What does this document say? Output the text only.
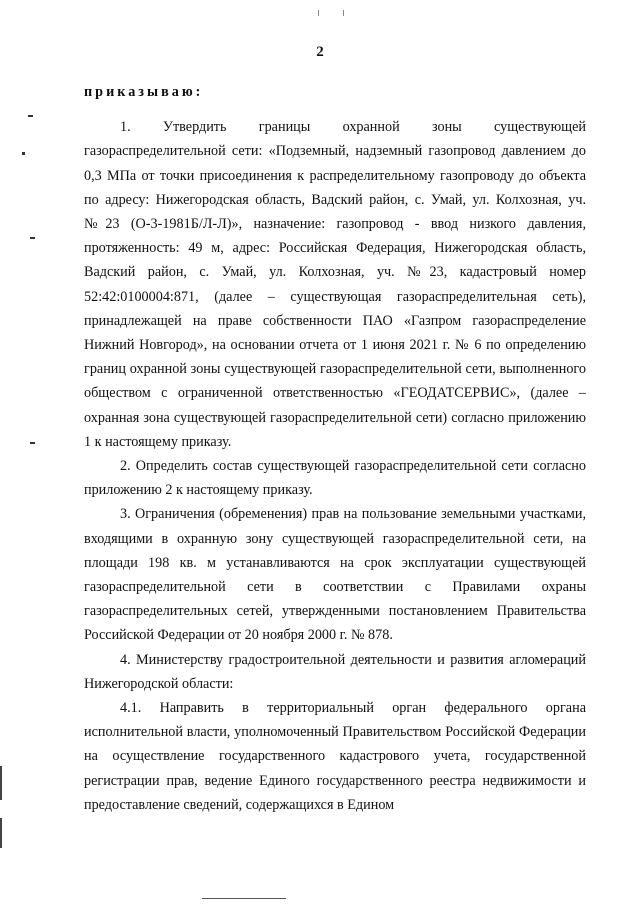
2

приказываю:

1. Утвердить границы охранной зоны существующей газораспределительной сети: «Подземный, надземный газопровод давлением до 0,3 МПа от точки присоединения к распределительному газопроводу до объекта по адресу: Нижегородская область, Вадский район, с. Умай, ул. Колхозная, уч. №23 (О-3-1981Б/Л-Л)», назначение: газопровод - ввод низкого давления, протяженность: 49 м, адрес: Российская Федерация, Нижегородская область, Вадский район, с. Умай, ул. Колхозная, уч. №23, кадастровый номер 52:42:0100004:871, (далее – существующая газораспределительная сеть), принадлежащей на праве собственности ПАО «Газпром газораспределение Нижний Новгород», на основании отчета от 1 июня 2021 г. № 6 по определению границ охранной зоны существующей газораспределительной сети, выполненного обществом с ограниченной ответственностью «ГЕОДАТСЕРВИС», (далее – охранная зона существующей газораспределительной сети) согласно приложению 1 к настоящему приказу.

2. Определить состав существующей газораспределительной сети согласно приложению 2 к настоящему приказу.

3. Ограничения (обременения) прав на пользование земельными участками, входящими в охранную зону существующей газораспределительной сети, на площади 198 кв. м устанавливаются на срок эксплуатации существующей газораспределительной сети в соответствии с Правилами охраны газораспределительных сетей, утвержденными постановлением Правительства Российской Федерации от 20 ноября 2000 г. № 878.

4. Министерству градостроительной деятельности и развития агломераций Нижегородской области:

4.1. Направить в территориальный орган федерального органа исполнительной власти, уполномоченный Правительством Российской Федерации на осуществление государственного кадастрового учета, государственной регистрации прав, ведение Единого государственного реестра недвижимости и предоставление сведений, содержащихся в Едином
